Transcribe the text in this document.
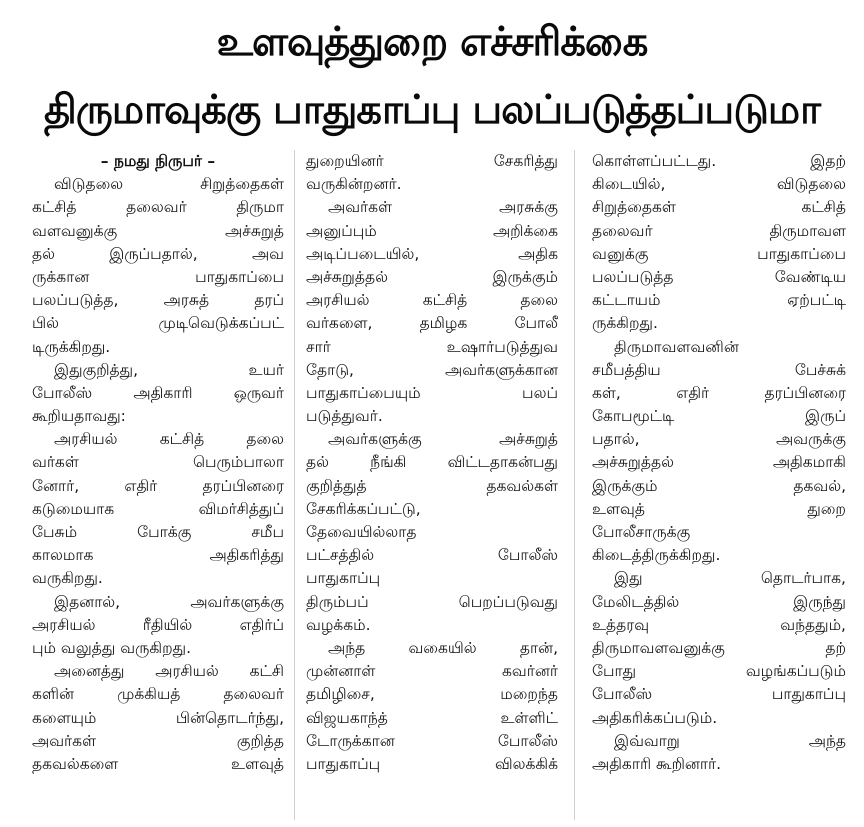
உளவுத்துறை எச்சரிக்கை
திருமாவுக்கு பாதுகாப்பு பலப்படுத்தப்படுமா
– நமது நிருபர் –
விடுதலை சிறுத்தைகள்
கட்சித் தலைவர் திருமா
வளவனுக்கு அச்சுறுத்
தல் இருப்பதால், அவ
ருக்கான பாதுகாப்பை
பலப்படுத்த, அரசுத் தரப்
பில் முடிவெடுக்கப்பட்
டிருக்கிறது.
இதுகுறித்து, உயர்
போலீஸ் அதிகாரி ஒருவர்
கூறியதாவது:
அரசியல் கட்சித் தலை
வர்கள் பெரும்பாலா
னோர், எதிர் தரப்பினரை
கடுமையாக விமர்சித்துப்
பேசும் போக்கு சமீப
காலமாக அதிகரித்து
வருகிறது.
இதனால், அவர்களுக்கு
அரசியல் ரீதியில் எதிர்ப்
பும் வலுத்து வருகிறது.
அனைத்து அரசியல் கட்சி
களின் முக்கியத் தலைவர்
களையும் பின்தொடர்ந்து,
அவர்கள் குறித்த
தகவல்களை உளவுத்
துறையினர் சேகரித்து
வருகின்றனர்.
அவர்கள் அரசுக்கு
அனுப்பும் அறிக்கை
அடிப்படையில், அதிக
அச்சுறுத்தல் இருக்கும்
அரசியல் கட்சித் தலை
வர்களை, தமிழக போலீ
சார் உஷார்படுத்துவ
தோடு, அவர்களுக்கான
பாதுகாப்பையும் பலப்
படுத்துவர்.
அவர்களுக்கு அச்சுறுத்
தல் நீங்கி விட்டதாகன்பது
குறித்துத் தகவல்கள்
சேகரிக்கப்பட்டு,
தேவையில்லாத
பட்சத்தில் போலீஸ்
பாதுகாப்பு
திரும்பப் பெறப்படுவது
வழக்கம்.
அந்த வகையில் தான்,
முன்னாள் கவர்னர்
தமிழிசை, மறைந்த
விஜயகாந்த் உள்ளிட்
டோருக்கான போலீஸ்
பாதுகாப்பு விலக்கிக்
கொள்ளப்பட்டது. இதற்
கிடையில், விடுதலை
சிறுத்தைகள் கட்சித்
தலைவர் திருமாவள
வனுக்கு பாதுகாப்பை
பலப்படுத்த வேண்டிய
கட்டாயம் ஏற்பட்டி
ருக்கிறது.
திருமாவளவனின்
சமீபத்திய பேச்சுக்
கள், எதிர் தரப்பினரை
கோபமூட்டி இருப்
பதால், அவருக்கு
அச்சுறுத்தல் அதிகமாகி
இருக்கும் தகவல்,
உளவுத் துறை
போலீசாருக்கு
கிடைத்திருக்கிறது.
இது தொடர்பாக,
மேலிடத்தில் இருந்து
உத்தரவு வந்ததும்,
திருமாவளவனுக்கு தற்
போது வழங்கப்படும்
போலீஸ் பாதுகாப்பு
அதிகரிக்கப்படும்.
இவ்வாறு அந்த
அதிகாரி கூறினார்.
